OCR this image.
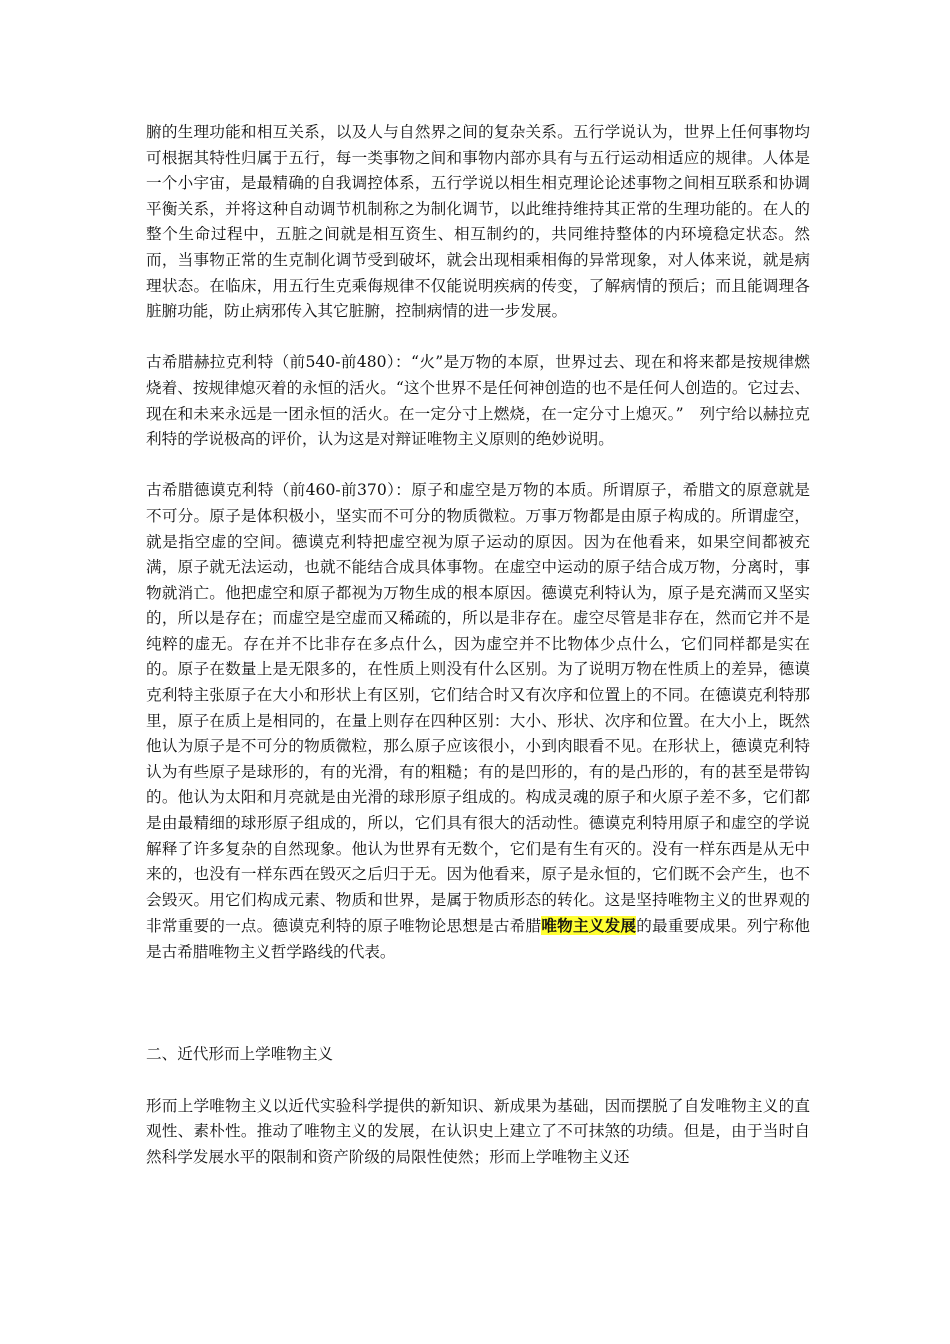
腑的生理功能和相互关系，以及人与自然界之间的复杂关系。五行学说认为，世界上任何事物均可根据其特性归属于五行，每一类事物之间和事物内部亦具有与五行运动相适应的规律。人体是一个小宇宙，是最精确的自我调控体系，五行学说以相生相克理论论述事物之间相互联系和协调平衡关系，并将这种自动调节机制称之为制化调节，以此维持维持其正常的生理功能的。在人的整个生命过程中，五脏之间就是相互资生、相互制约的，共同维持整体的内环境稳定状态。然而，当事物正常的生克制化调节受到破坏，就会出现相乘相侮的异常现象，对人体来说，就是病理状态。在临床，用五行生克乘侮规律不仅能说明疾病的传变，了解病情的预后；而且能调理各脏腑功能，防止病邪传入其它脏腑，控制病情的进一步发展。

古希腊赫拉克利特（前540-前480）：“火”是万物的本原，世界过去、现在和将来都是按规律燃烧着、按规律熄灭着的永恒的活火。“这个世界不是任何神创造的也不是任何人创造的。它过去、现在和未来永远是一团永恒的活火。在一定分寸上燃烧，在一定分寸上熄灭。”　列宁给以赫拉克利特的学说极高的评价，认为这是对辩证唯物主义原则的绝妙说明。

古希腊德谟克利特（前460-前370）：原子和虚空是万物的本质。所谓原子，希腊文的原意就是不可分。原子是体积极小，坚实而不可分的物质微粒。万事万物都是由原子构成的。所谓虚空，就是指空虚的空间。德谟克利特把虚空视为原子运动的原因。因为在他看来，如果空间都被充满，原子就无法运动，也就不能结合成具体事物。在虚空中运动的原子结合成万物，分离时，事物就消亡。他把虚空和原子都视为万物生成的根本原因。德谟克利特认为，原子是充满而又坚实的，所以是存在；而虚空是空虚而又稀疏的，所以是非存在。虚空尽管是非存在，然而它并不是纯粹的虚无。存在并不比非存在多点什么，因为虚空并不比物体少点什么，它们同样都是实在的。原子在数量上是无限多的，在性质上则没有什么区别。为了说明万物在性质上的差异，德谟克利特主张原子在大小和形状上有区别，它们结合时又有次序和位置上的不同。在德谟克利特那里，原子在质上是相同的，在量上则存在四种区别：大小、形状、次序和位置。在大小上，既然他认为原子是不可分的物质微粒，那么原子应该很小，小到肉眼看不见。在形状上，德谟克利特认为有些原子是球形的，有的光滑，有的粗糙；有的是凹形的，有的是凸形的，有的甚至是带钩的。他认为太阳和月亮就是由光滑的球形原子组成的。构成灵魂的原子和火原子差不多，它们都是由最精细的球形原子组成的，所以，它们具有很大的活动性。德谟克利特用原子和虚空的学说解释了许多复杂的自然现象。他认为世界有无数个，它们是有生有灭的。没有一样东西是从无中来的，也没有一样东西在毁灭之后归于无。因为他看来，原子是永恒的，它们既不会产生，也不会毁灭。用它们构成元素、物质和世界，是属于物质形态的转化。这是坚持唯物主义的世界观的非常重要的一点。德谟克利特的原子唯物论思想是古希腊唯物主义发展的最重要成果。列宁称他是古希腊唯物主义哲学路线的代表。

二、近代形而上学唯物主义

形而上学唯物主义以近代实验科学提供的新知识、新成果为基础，因而摆脱了自发唯物主义的直观性、素朴性。推动了唯物主义的发展，在认识史上建立了不可抹煞的功绩。但是，由于当时自然科学发展水平的限制和资产阶级的局限性使然；形而上学唯物主义还
